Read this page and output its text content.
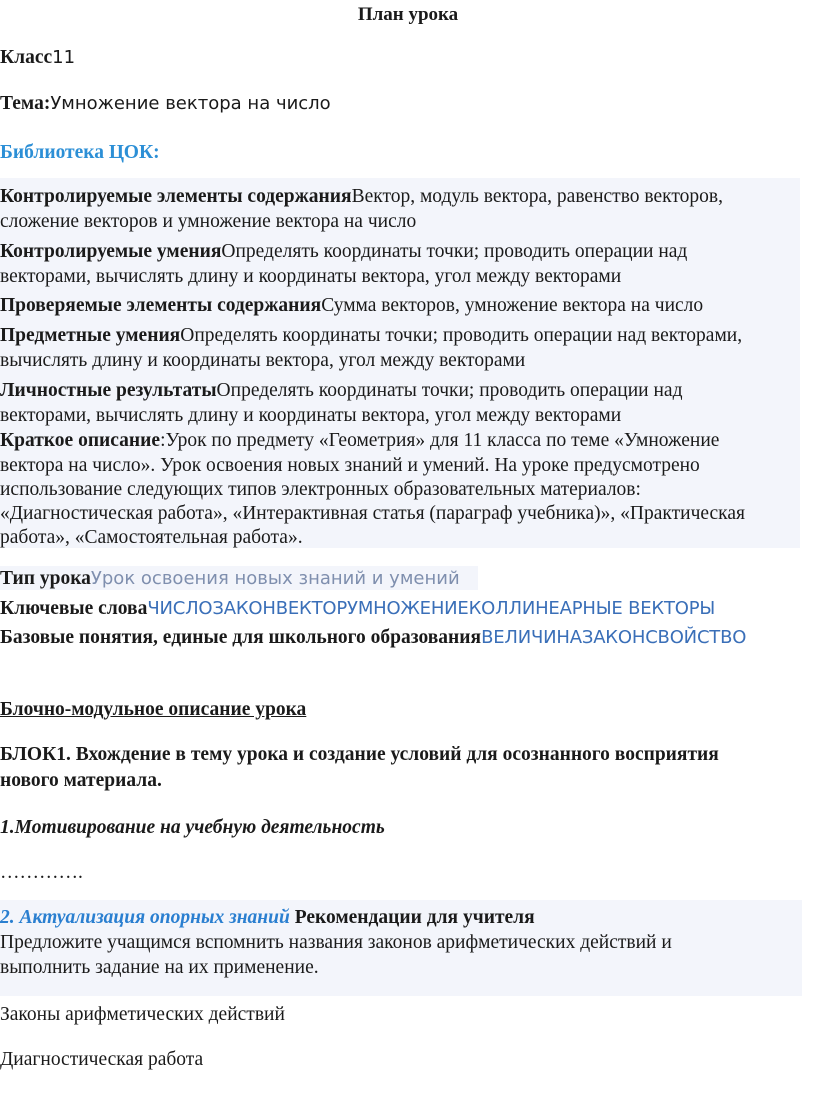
План урока
Класс11
Тема:Умножение вектора на число
Библиотека ЦОК:
Контролируемые элементы содержанияВектор, модуль вектора, равенство векторов,
сложение векторов и умножение вектора на число
Контролируемые уменияОпределять координаты точки; проводить операции над
векторами, вычислять длину и координаты вектора, угол между векторами
Проверяемые элементы содержанияСумма векторов, умножение вектора на число
Предметные уменияОпределять координаты точки; проводить операции над векторами,
вычислять длину и координаты вектора, угол между векторами
Личностные результатыОпределять координаты точки; проводить операции над
векторами, вычислять длину и координаты вектора, угол между векторами
Краткое описание:Урок по предмету «Геометрия» для 11 класса по теме «Умножение
вектора на число». Урок освоения новых знаний и умений. На уроке предусмотрено
использование следующих типов электронных образовательных материалов:
«Диагностическая работа», «Интерактивная статья (параграф учебника)», «Практическая
работа», «Самостоятельная работа».
Тип урокаУрок освоения новых знаний и умений
Ключевые словаЧИСЛОЗАКОНВЕКТОРУМНОЖЕНИЕКОЛЛИНЕАРНЫЕ ВЕКТОРЫ
Базовые понятия, единые для школьного образованияВЕЛИЧИНАЗАКОНСВОЙСТВО
Блочно-модульное описание урока
БЛОК1. Вхождение в тему урока и создание условий для осознанного восприятия
нового материала.
1.Мотивирование на учебную деятельность
………….
2. Актуализация опорных знаний Рекомендации для учителя
Предложите учащимся вспомнить названия законов арифметических действий и
выполнить задание на их применение.
Законы арифметических действий
Диагностическая работа
